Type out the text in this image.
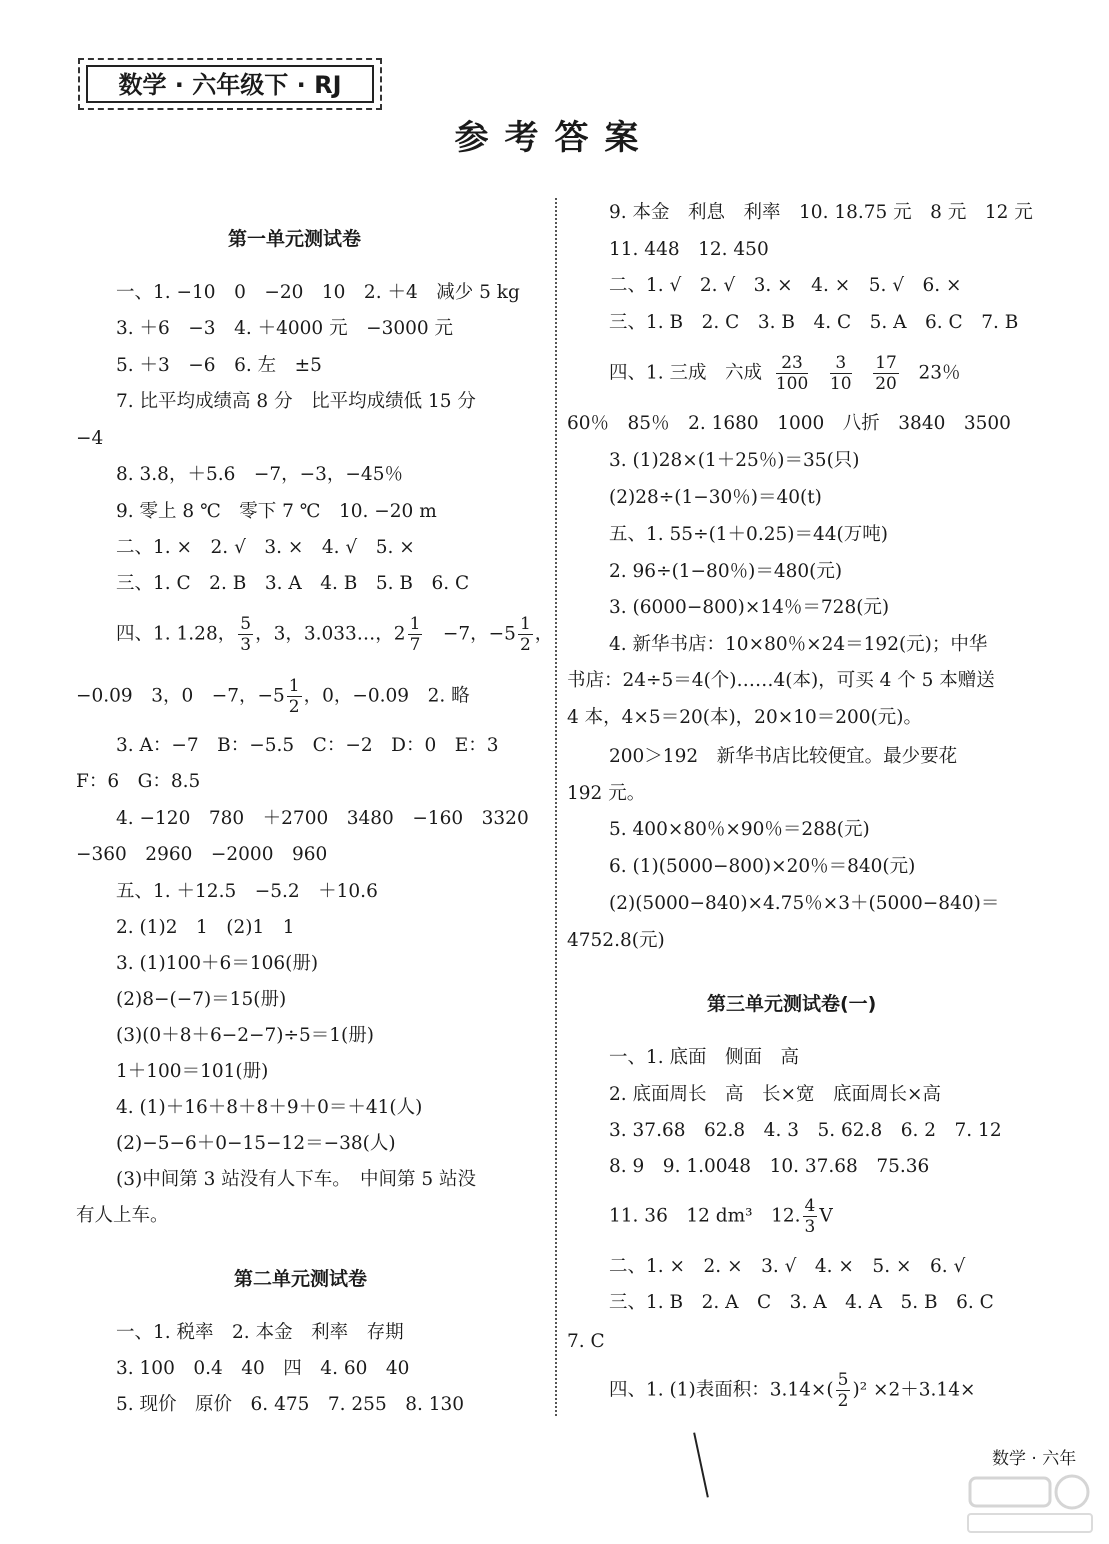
数学 · 六年级下 · RJ
参考答案
第一单元测试卷
一、1. −10　0　−20　10　2. ＋4　减少 5 kg
3. ＋6　−3　4. ＋4000 元　−3000 元
5. ＋3　−6　6. 左　±5
7. 比平均成绩高 8 分　比平均成绩低 15 分
−4
8. 3.8，＋5.6　−7，−3，−45％
9. 零上 8 ℃　零下 7 ℃　10. −20 m
二、1. ×　2. √　3. ×　4. √　5. ×
三、1. C　2. B　3. A　4. B　5. B　6. C
四、1. 1.28， $\frac{5}{3}$ ，3，3.033…，$2 \frac{1}{7}$ 　−7，$-5 \frac{1}{2}$ ，
−0.09　3，0　−7，$-5 \frac{1}{2}$ ，0，−0.09　2. 略
3. A：−7　B：−5.5　C：−2　D：0　E：3
F：6　G：8.5
4. −120　780　＋2700　3480　−160　3320
−360　2960　−2000　960
五、1. ＋12.5　−5.2　＋10.6
2. (1)2　1　(2)1　1
3. (1)100＋6＝106(册)
(2)8−(−7)＝15(册)
(3)(0＋8＋6−2−7)÷5＝1(册)
1＋100＝101(册)
4. (1)＋16＋8＋8＋9＋0＝＋41(人)
(2)−5−6＋0−15−12＝−38(人)
(3)中间第 3 站没有人下车。　中间第 5 站没
有人上车。
第二单元测试卷
一、1. 税率　2. 本金　利率　存期
3. 100　0.4　40　四　4. 60　40
5. 现价　原价　6. 475　7. 255　8. 130
9. 本金　利息　利率　10. 18.75 元　8 元　12 元
11. 448　12. 450
二、1. √　2. √　3. ×　4. ×　5. √　6. ×
三、1. B　2. C　3. B　4. C　5. A　6. C　7. B
四、1. 三成　六成 $\frac{23}{100}$
$\frac{3}{10}$
$\frac{17}{20} 23$％
60％　85％　2. 1680　1000　八折　3840　3500
3. (1)28×(1＋25％)＝35(只)
(2)28÷(1−30％)＝40(t)
五、1. 55÷(1＋0.25)＝44(万吨)
2. 96÷(1−80％)＝480(元)
3. (6000−800)×14％＝728(元)
4. 新华书店：10×80％×24＝192(元)；中华
书店：24÷5＝4(个)……4(本)，可买 4 个 5 本赠送
4 本，4×5＝20(本)，20×10＝200(元)。
200＞192　新华书店比较便宜。最少要花
192 元。
5. 400×80％×90％＝288(元)
6. (1)(5000−800)×20％＝840(元)
(2)(5000−840)×4.75％×3＋(5000−840)＝
4752.8(元)
第三单元测试卷(一)
一、1. 底面　侧面　高
2. 底面周长　高　长×宽　底面周长×高
3. 37.68　62.8　4. 3　5. 62.8　6. 2　7. 12
8. 9　9. 1.0048　10. 37.68　75.36
11. 36　12 dm³　12. $\frac{4}{3}$ V
二、1. ×　2. ×　3. √　4. ×　5. ×　6. √
三、1. B　2. A　C　3. A　4. A　5. B　6. C
7. C
四、1. (1)表面积：$3.14\times( \frac{5}{2} )^2 \times 2+3.14\times$
数学 · 六年
